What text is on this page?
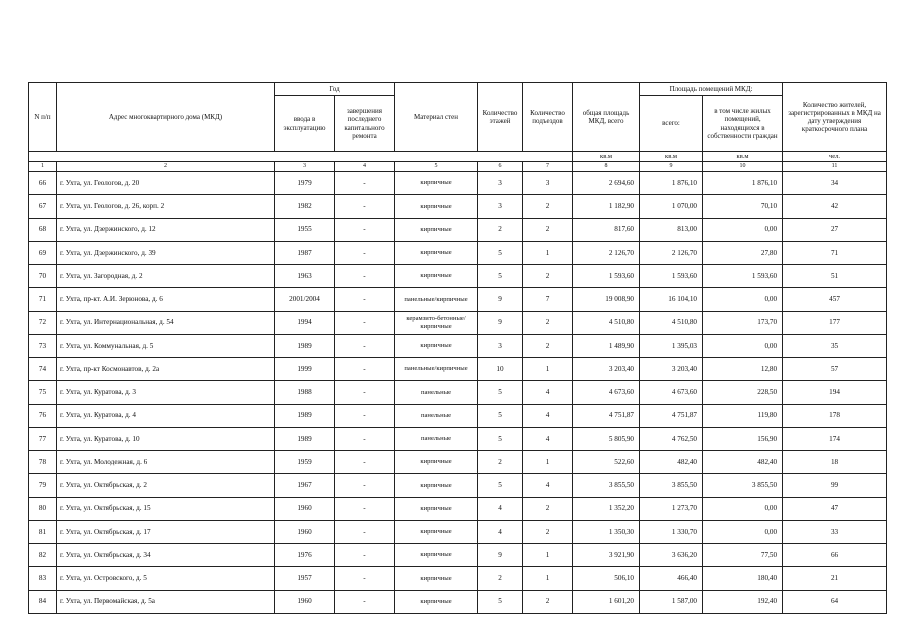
N п/п	Адрес многоквартирного дома (МКД)	Год		Материал стен	Количество этажей	Количество подъездов	общая площадь МКД, всего	Площадь помещений МКД:		Количество жителей, зарегистрированных в МКД на дату утверждения краткосрочного плана
		ввода в эксплуатацию	завершения последнего капитального ремонта					всего:	в том числе жилых помещений, находящихся в собственности граждан	
							кв.м	кв.м	кв.м	чел.
1	2	3	4	5	6	7	8	9	10	11
66	г. Ухта, ул. Геологов, д. 20	1979	-	кирпичные	3	3	2 694,60	1 876,10	1 876,10	34
67	г. Ухта, ул. Геологов, д. 26, корп. 2	1982	-	кирпичные	3	2	1 182,90	1 070,00	70,10	42
68	г. Ухта, ул. Дзержинского, д. 12	1955	-	кирпичные	2	2	817,60	813,00	0,00	27
69	г. Ухта, ул. Дзержинского, д. 39	1987	-	кирпичные	5	1	2 126,70	2 126,70	27,80	71
70	г. Ухта, ул. Загородная, д. 2	1963	-	кирпичные	5	2	1 593,60	1 593,60	1 593,60	51
71	г. Ухта, пр-кт. А.И. Зерюнова, д. 6	2001/2004	-	панельные/кирпичные	9	7	19 008,90	16 104,10	0,00	457
72	г. Ухта, ул. Интернациональная, д. 54	1994	-	керамзито-бетонные/кирпичные	9	2	4 510,80	4 510,80	173,70	177
73	г. Ухта, ул. Коммунальная, д. 5	1989	-	кирпичные	3	2	1 489,90	1 395,03	0,00	35
74	г. Ухта, пр-кт Космонавтов, д. 2а	1999	-	панельные/кирпичные	10	1	3 203,40	3 203,40	12,80	57
75	г. Ухта, ул. Куратова, д. 3	1988	-	панельные	5	4	4 673,60	4 673,60	228,50	194
76	г. Ухта, ул. Куратова, д. 4	1989	-	панельные	5	4	4 751,87	4 751,87	119,80	178
77	г. Ухта, ул. Куратова, д. 10	1989	-	панельные	5	4	5 805,90	4 762,50	156,90	174
78	г. Ухта, ул. Молодежная, д. 6	1959	-	кирпичные	2	1	522,60	482,40	482,40	18
79	г. Ухта, ул. Октябрьская, д. 2	1967	-	кирпичные	5	4	3 855,50	3 855,50	3 855,50	99
80	г. Ухта, ул. Октябрьская, д. 15	1960	-	кирпичные	4	2	1 352,20	1 273,70	0,00	47
81	г. Ухта, ул. Октябрьская, д. 17	1960	-	кирпичные	4	2	1 350,30	1 330,70	0,00	33
82	г. Ухта, ул. Октябрьская, д. 34	1976	-	кирпичные	9	1	3 921,90	3 636,20	77,50	66
83	г. Ухта, ул. Островского, д. 5	1957	-	кирпичные	2	1	506,10	466,40	180,40	21
84	г. Ухта, ул. Первомайская, д. 5а	1960	-	кирпичные	5	2	1 601,20	1 587,00	192,40	64
